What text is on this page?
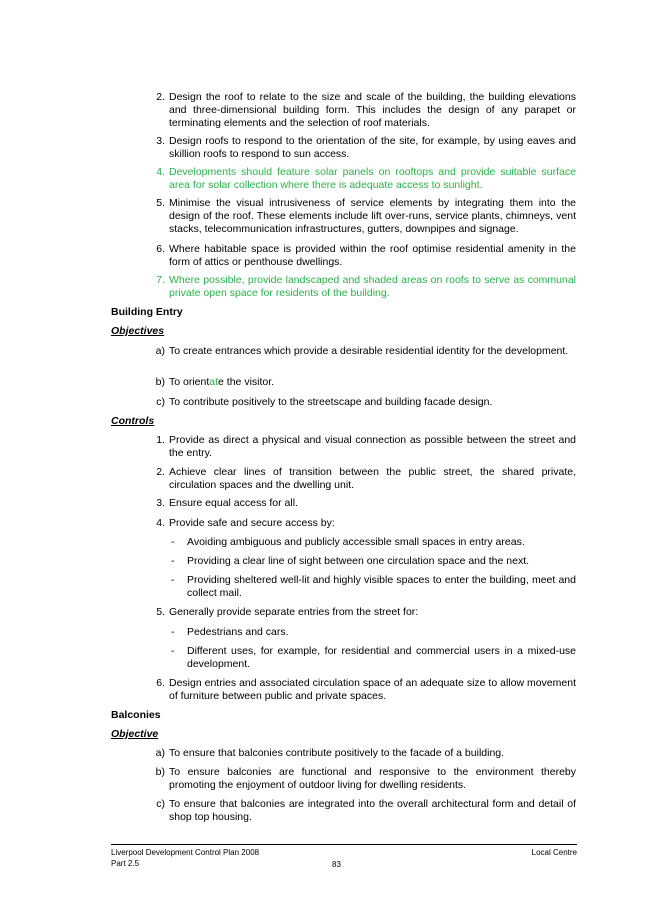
2. Design the roof to relate to the size and scale of the building, the building elevations and three-dimensional building form. This includes the design of any parapet or terminating elements and the selection of roof materials.
3. Design roofs to respond to the orientation of the site, for example, by using eaves and skillion roofs to respond to sun access.
4. Developments should feature solar panels on rooftops and provide suitable surface area for solar collection where there is adequate access to sunlight.
5. Minimise the visual intrusiveness of service elements by integrating them into the design of the roof. These elements include lift over-runs, service plants, chimneys, vent stacks, telecommunication infrastructures, gutters, downpipes and signage.
6. Where habitable space is provided within the roof optimise residential amenity in the form of attics or penthouse dwellings.
7. Where possible, provide landscaped and shaded areas on roofs to serve as communal private open space for residents of the building.
Building Entry
Objectives
a) To create entrances which provide a desirable residential identity for the development.
b) To orientate the visitor.
c) To contribute positively to the streetscape and building facade design.
Controls
1. Provide as direct a physical and visual connection as possible between the street and the entry.
2. Achieve clear lines of transition between the public street, the shared private, circulation spaces and the dwelling unit.
3. Ensure equal access for all.
4. Provide safe and secure access by:
- Avoiding ambiguous and publicly accessible small spaces in entry areas.
- Providing a clear line of sight between one circulation space and the next.
- Providing sheltered well-lit and highly visible spaces to enter the building, meet and collect mail.
5. Generally provide separate entries from the street for:
- Pedestrians and cars.
- Different uses, for example, for residential and commercial users in a mixed-use development.
6. Design entries and associated circulation space of an adequate size to allow movement of furniture between public and private spaces.
Balconies
Objective
a) To ensure that balconies contribute positively to the facade of a building.
b) To ensure balconies are functional and responsive to the environment thereby promoting the enjoyment of outdoor living for dwelling residents.
c) To ensure that balconies are integrated into the overall architectural form and detail of shop top housing.
Liverpool Development Control Plan 2008
Part 2.5	83
Local Centre
